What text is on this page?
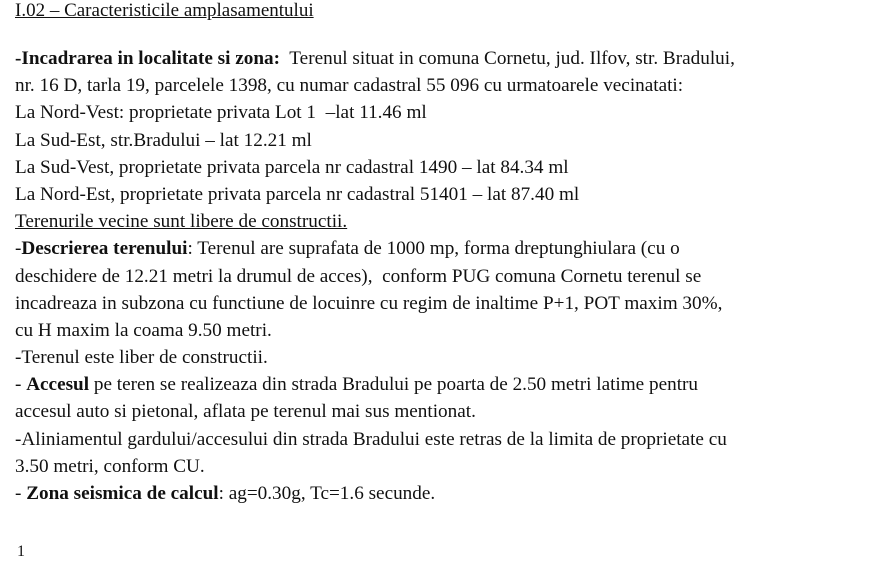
I.02 – Caracteristicile amplasamentului
-Incadrarea in localitate si zona:  Terenul situat in comuna Cornetu, jud. Ilfov, str. Bradului,
nr. 16 D, tarla 19, parcelele 1398, cu numar cadastral 55 096 cu urmatoarele vecinatati:
La Nord-Vest: proprietate privata Lot 1  –lat 11.46 ml
La Sud-Est, str.Bradului – lat 12.21 ml
La Sud-Vest, proprietate privata parcela nr cadastral 1490 – lat 84.34 ml
La Nord-Est, proprietate privata parcela nr cadastral 51401 – lat 87.40 ml
Terenurile vecine sunt libere de constructii.
-Descrierea terenului: Terenul are suprafata de 1000 mp, forma dreptunghiulara (cu o
deschidere de 12.21 metri la drumul de acces),  conform PUG comuna Cornetu terenul se
incadreaza in subzona cu functiune de locuinre cu regim de inaltime P+1, POT maxim 30%,
cu H maxim la coama 9.50 metri.
-Terenul este liber de constructii.
- Accesul pe teren se realizeaza din strada Bradului pe poarta de 2.50 metri latime pentru
accesul auto si pietonal, aflata pe terenul mai sus mentionat.
-Aliniamentul gardului/accesului din strada Bradului este retras de la limita de proprietate cu
3.50 metri, conform CU.
- Zona seismica de calcul: ag=0.30g, Tc=1.6 secunde.
1
